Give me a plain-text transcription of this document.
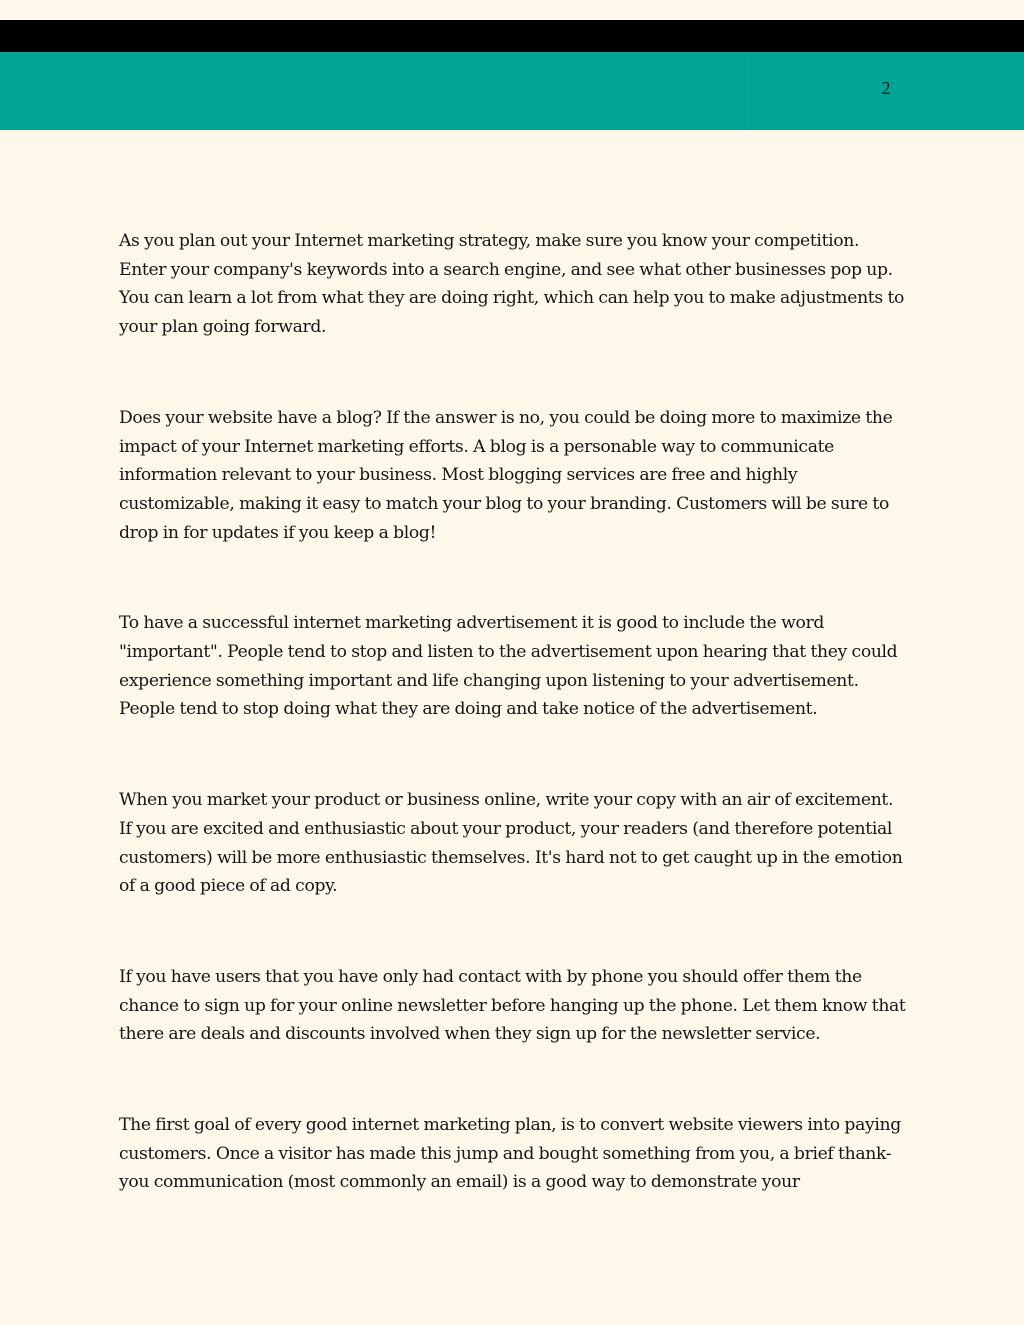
2

As you plan out your Internet marketing strategy, make sure you know your competition. Enter your company's keywords into a search engine, and see what other businesses pop up. You can learn a lot from what they are doing right, which can help you to make adjustments to your plan going forward.

Does your website have a blog? If the answer is no, you could be doing more to maximize the impact of your Internet marketing efforts. A blog is a personable way to communicate information relevant to your business. Most blogging services are free and highly customizable, making it easy to match your blog to your branding. Customers will be sure to drop in for updates if you keep a blog!

To have a successful internet marketing advertisement it is good to include the word "important". People tend to stop and listen to the advertisement upon hearing that they could experience something important and life changing upon listening to your advertisement. People tend to stop doing what they are doing and take notice of the advertisement.

When you market your product or business online, write your copy with an air of excitement. If you are excited and enthusiastic about your product, your readers (and therefore potential customers) will be more enthusiastic themselves. It's hard not to get caught up in the emotion of a good piece of ad copy.

If you have users that you have only had contact with by phone you should offer them the chance to sign up for your online newsletter before hanging up the phone. Let them know that there are deals and discounts involved when they sign up for the newsletter service.

The first goal of every good internet marketing plan, is to convert website viewers into paying customers. Once a visitor has made this jump and bought something from you, a brief thank-you communication (most commonly an email) is a good way to demonstrate your
